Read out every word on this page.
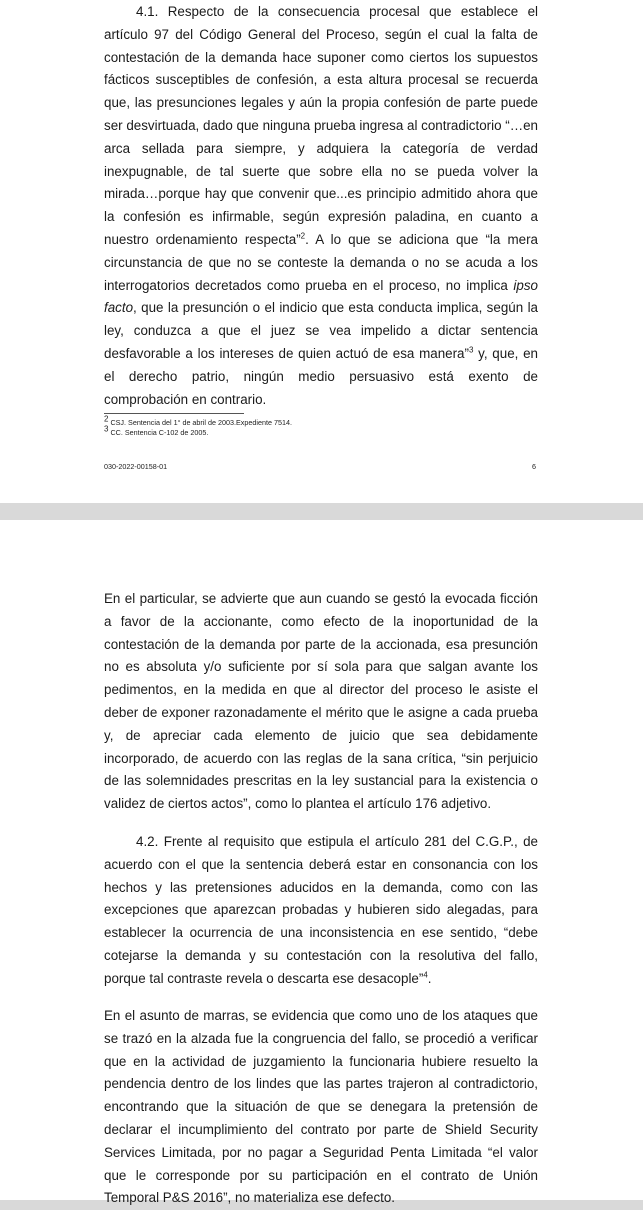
4.1. Respecto de la consecuencia procesal que establece el artículo 97 del Código General del Proceso, según el cual la falta de contestación de la demanda hace suponer como ciertos los supuestos fácticos susceptibles de confesión, a esta altura procesal se recuerda que, las presunciones legales y aún la propia confesión de parte puede ser desvirtuada, dado que ninguna prueba ingresa al contradictorio “…en arca sellada para siempre, y adquiera la categoría de verdad inexpugnable, de tal suerte que sobre ella no se pueda volver la mirada…porque hay que convenir que...es principio admitido ahora que la confesión es infirmable, según expresión paladina, en cuanto a nuestro ordenamiento respecta”$^2$. A lo que se adiciona que “la mera circunstancia de que no se conteste la demanda o no se acuda a los interrogatorios decretados como prueba en el proceso, no implica ipso facto, que la presunción o el indicio que esta conducta implica, según la ley, conduzca a que el juez se vea impelido a dictar sentencia desfavorable a los intereses de quien actuó de esa manera”$^3$ y, que, en el derecho patrio, ningún medio persuasivo está exento de comprobación en contrario.

$^2$ CSJ. Sentencia del 1° de abril de 2003.Expediente 7514.
$^3$ CC. Sentencia C-102 de 2005.
030-2022-00158-01	6

En el particular, se advierte que aun cuando se gestó la evocada ficción a favor de la accionante, como efecto de la inoportunidad de la contestación de la demanda por parte de la accionada, esa presunción no es absoluta y/o suficiente por sí sola para que salgan avante los pedimentos, en la medida en que al director del proceso le asiste el deber de exponer razonadamente el mérito que le asigne a cada prueba y, de apreciar cada elemento de juicio que sea debidamente incorporado, de acuerdo con las reglas de la sana crítica, “sin perjuicio de las solemnidades prescritas en la ley sustancial para la existencia o validez de ciertos actos”, como lo plantea el artículo 176 adjetivo.

4.2. Frente al requisito que estipula el artículo 281 del C.G.P., de acuerdo con el que la sentencia deberá estar en consonancia con los hechos y las pretensiones aducidos en la demanda, como con las excepciones que aparezcan probadas y hubieren sido alegadas, para establecer la ocurrencia de una inconsistencia en ese sentido, “debe cotejarse la demanda y su contestación con la resolutiva del fallo, porque tal contraste revela o descarta ese desacople”$^4$.

En el asunto de marras, se evidencia que como uno de los ataques que se trazó en la alzada fue la congruencia del fallo, se procedió a verificar que en la actividad de juzgamiento la funcionaria hubiere resuelto la pendencia dentro de los lindes que las partes trajeron al contradictorio, encontrando que la situación de que se denegara la pretensión de declarar el incumplimiento del contrato por parte de Shield Security Services Limitada, por no pagar a Seguridad Penta Limitada “el valor que le corresponde por su participación en el contrato de Unión Temporal P&S 2016”, no materializa ese defecto.
